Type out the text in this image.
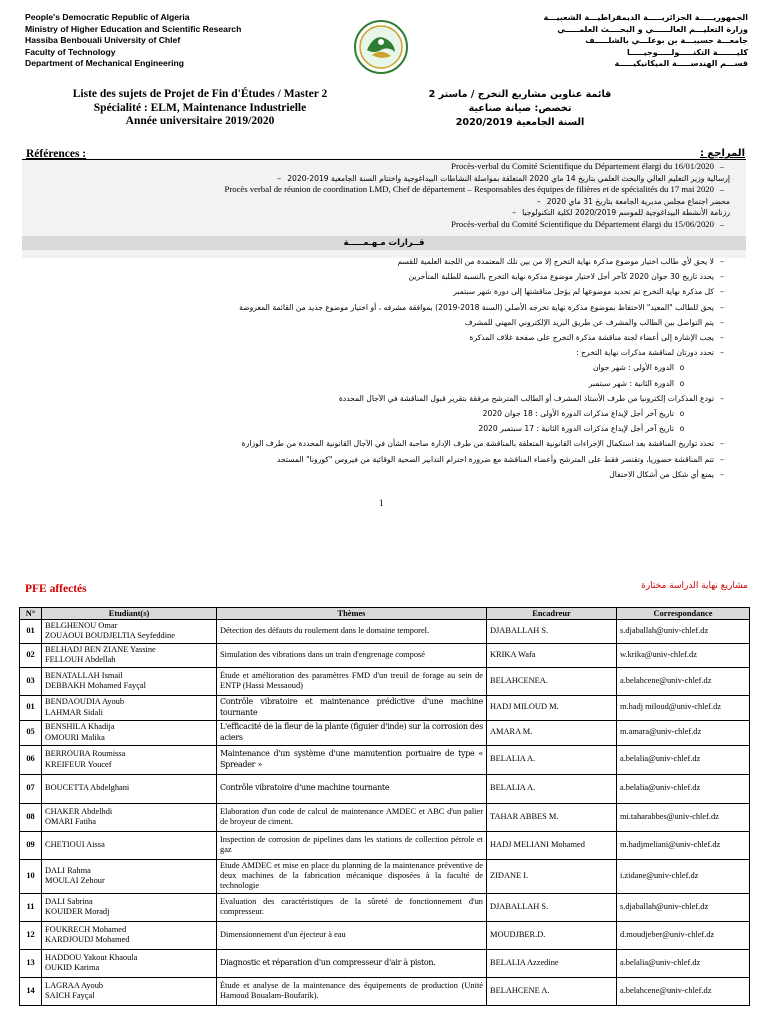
People's Democratic Republic of Algeria
Ministry of Higher Education and Scientific Research
Hassiba Benbouali University of Chlef
Faculty of Technology
Department of Mechanical Engineering
الجمهوريـــــة الجزائريـــــة الديمقراطيـــة الشعبيـــة
وزارة التعليـــم العالــــــي و البحــــث العلمـــــي
جامعـــة حسيبـــة بن بوعلـــي بالشلـــــف
كليـــــــة التكنـــــولـــــوجيـــــا
قســـم الهندســـــة الميكانيكيـــــة
Liste des sujets de Projet de Fin d'Études / Master 2
Spécialité : ELM, Maintenance Industrielle
Année universitaire 2019/2020
قائمة عناوين مشاريع التخرج / ماستر 2
تخصص: صيانة صناعية
السنة الجامعية 2020/2019
Références :	المراجع :
Procès-verbal du Comité Scientifique du Département élargi du 16/01/2020 –
إرسالية وزير التعليم العالي والبحث العلمي بتاريخ 14 ماي 2020 المتعلقة بمواصلة النشاطات البيداغوجية واختتام السنة الجامعية 2019-2020–
Procès verbal de réunion de coordination LMD, Chef de département – Responsables des équipes de filières et de spécialités du 17 mai 2020 –
محضر اجتماع مجلس مديرية الجامعة بتاريخ 31 ماي 2020–
رزنامة الأنشطة البيداغوجية للموسم 2020/2019 لكلية التكنولوجيا–
Procès-verbal du Comité Scientifique du Département élargi du 15/06/2020 –
قــرارات مـهـمـــــة
–لا يحق لأي طالب اختيار موضوع مذكرة نهاية التخرج إلا من بين تلك المعتمدة من اللجنة العلمية للقسم
–يحدد تاريخ 30 جوان 2020 كآخر أجل لاختيار موضوع مذكرة نهاية التخرج بالنسبة للطلبة المتأخرين
–كل مذكرة نهاية التخرج تم تحديد موضوعها لم يؤجل مناقشتها إلى دورة شهر سبتمبر
–يحق للطالب "المعيد" الاحتفاظ بموضوع مذكرة نهاية تخرجه الأصلي (السنة 2018-2019) بموافقة مشرفه ، أو اختيار موضوع جديد من القائمة المعروضة
–يتم التواصل بين الطالب والمشرف عن طريق البريد الإلكتروني المهني للمشرف
–يجب الإشارة إلى أعضاء لجنة مناقشة مذكرة التخرج على صفحة غلاف المذكرة
–تحدد دورتان لمناقشة مذكرات نهاية التخرج :
oالدورة الأولى : شهر جوان
oالدورة الثانية : شهر سبتمبر
–تودع المذكرات إلكترونيا من طرف الأستاذ المشرف أو الطالب المترشح مرفقة بتقرير قبول المناقشة في الآجال المحددة
oتاريخ آخر أجل لإيداع مذكرات الدورة الأولى : 18 جوان 2020
oتاريخ آخر أجل لإيداع مذكرات الدورة الثانية : 17 سبتمبر 2020
–تحدد تواريخ المناقشة بعد استكمال الإجراءات القانونية المتعلقة بالمناقشة من طرف الإدارة صاحبة الشأن في الآجال القانونية المحددة من طرف الوزارة
–تتم المناقشة حضوريا، وتقتصر فقط على المترشح وأعضاء المناقشة مع ضرورة احترام التدابير الصحية الوقائية من فيروس "كورونا" المستجد
–يمنع أي شكل من أشكال الاحتفال
1
PFE affectés	مشاريع نهاية الدراسة مختارة
N°	Etudiant(s)	Thèmes	Encadreur	Correspondance
01	BELGHENOU Omar
ZOUAOUI BOUDJELTIA Seyfeddine	Détection des défauts du roulement dans le domaine temporel.	DJABALLAH S.	s.djaballah@univ-chlef.dz
02	BELHADJ BEN ZIANE Yassine
FELLOUH Abdellah	Simulation des vibrations dans un train d'engrenage composé	KRIKA Wafa	w.krika@univ-chlef.dz
03	BENATALLAH Ismail
DEBBAKH Mohamed Fayçal	Étude et amélioration des paramètres FMD d'un treuil de forage au sein de ENTP (Hassi Messaoud)	BELAHCENEA.	a.belahcene@univ-chlef.dz
01	BENDAOUDIA Ayoub
LAHMAR Sidali	Contrôle vibratoire et maintenance prédictive d'une machine tournante	HADJ MILOUD M.	m.hadj miloud@univ-chlef.dz
05	BENSHILA Khadija
OMOURI Malika	L'efficacité de la fleur de la plante (figuier d'inde) sur la corrosion des aciers	AMARA M.	m.amara@univ-chlef.dz
06	BERROUBA Roumissa
KREIFEUR Youcef	Maintenance d'un système d'une manutention portuaire de type « Spreader »	BELALIA A.	a.belalia@univ-chlef.dz
07	BOUCETTA Abdelghani	Contrôle vibratoire d'une machine tournante	BELALIA A.	a.belalia@univ-chlef.dz
08	CHAKER Abdelhdi
OMARI Fatiha	Elaboration d'un code de calcul de maintenance AMDEC et ABC d'un palier de broyeur de ciment.	TAHAR ABBES M.	mi.taharabbes@univ-chlef.dz
09	CHETIOUI Aissa	Inspection de corrosion de pipelines dans les stations de collection pétrole et gaz	HADJ MELIANI Mohamed	m.hadjmeliani@univ-chlef.dz
10	DALI Rahma
MOULAI Zehour	Etude AMDEC et mise en place du planning de la maintenance préventive de deux machines de la fabrication mécanique disposées à la faculté de technologie	ZIDANE I.	i.zidane@univ-chlef.dz
11	DALI Sabrina
KOUIDER Moradj	Evaluation des caractéristiques de la sûreté de fonctionnement d'un compresseur.	DJABALLAH S.	s.djaballah@univ-chlef.dz
12	FOUKRECH Mohamed
KARDJOUDJ Mohamed	Dimensionnement d'un éjecteur à eau	MOUDJBER.D.	d.moudjeber@univ-chlef.dz
13	HADDOU Yakout Khaoula
OUKID Karima	Diagnostic et réparation d'un compresseur d'air à piston.	BELALIA Azzedine	a.belalia@univ-chlef.dz
14	LAGRAA Ayoub
SAICH Fayçal	Étude et analyse de la maintenance des équipements de production (Unité Hamoud Boualam-Boufarik).	BELAHCENE A.	a.belahcene@univ-chlef.dz
